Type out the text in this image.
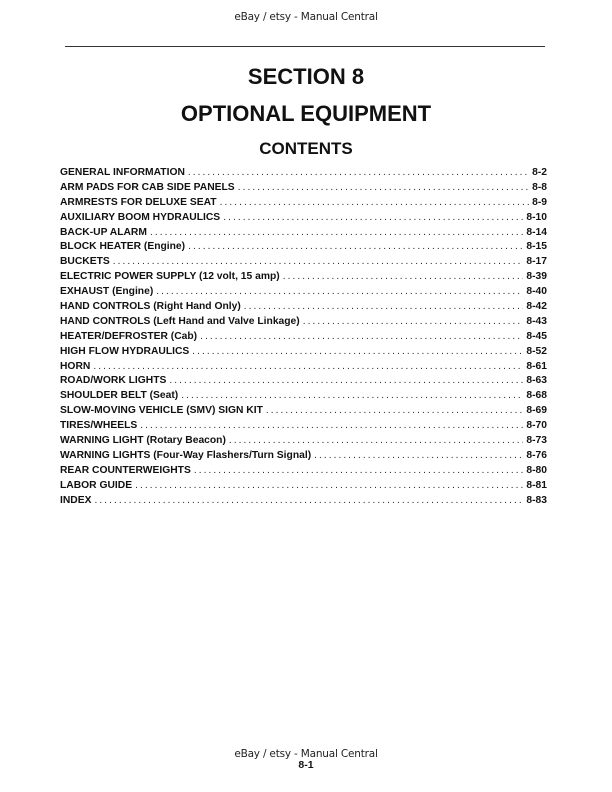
eBay / etsy - Manual Central
SECTION 8
OPTIONAL EQUIPMENT
CONTENTS
GENERAL INFORMATION .....	8-2
ARM PADS FOR CAB SIDE PANELS .....	8-8
ARMRESTS FOR DELUXE SEAT .....	8-9
AUXILIARY BOOM HYDRAULICS .....	8-10
BACK-UP ALARM .....	8-14
BLOCK HEATER (Engine) .....	8-15
BUCKETS .....	8-17
ELECTRIC POWER SUPPLY (12 volt, 15 amp) .....	8-39
EXHAUST (Engine) .....	8-40
HAND CONTROLS (Right Hand Only) .....	8-42
HAND CONTROLS (Left Hand and Valve Linkage) .....	8-43
HEATER/DEFROSTER (Cab) .....	8-45
HIGH FLOW HYDRAULICS .....	8-52
HORN .....	8-61
ROAD/WORK LIGHTS .....	8-63
SHOULDER BELT (Seat) .....	8-68
SLOW-MOVING VEHICLE (SMV) SIGN KIT .....	8-69
TIRES/WHEELS .....	8-70
WARNING LIGHT (Rotary Beacon) .....	8-73
WARNING LIGHTS (Four-Way Flashers/Turn Signal) .....	8-76
REAR COUNTERWEIGHTS .....	8-80
LABOR GUIDE .....	8-81
INDEX .....	8-83
eBay / etsy - Manual Central
8-1
